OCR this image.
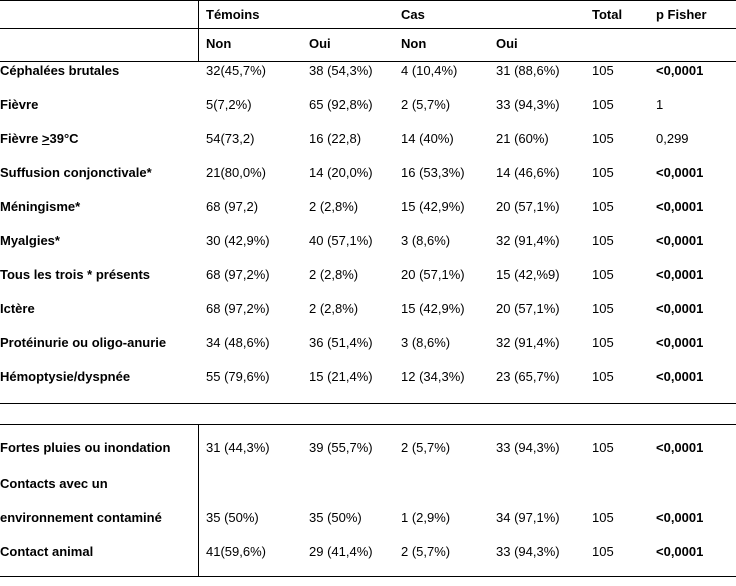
Témoins	Cas	Total	p Fisher
Non	Oui	Non	Oui
Céphalées brutales	32(45,7%)	38 (54,3%) 4 (10,4%)	31 (88,6%) 105	<0,0001
Fièvre	5(7,2%)	65 (92,8%) 2 (5,7%)	33 (94,3%) 105	1
Fièvre ≥39°C	54(73,2)	16 (22,8)	14 (40%)	21 (60%)	105	0,299
Suffusion conjonctivale*	21(80,0%)	14 (20,0%) 16 (53,3%) 14 (46,6%) 105	<0,0001
Méningisme*	68 (97,2)	2 (2,8%)	15 (42,9%) 20 (57,1%) 105	<0,0001
Myalgies*	30 (42,9%)	40 (57,1%) 3 (8,6%)	32 (91,4%) 105	<0,0001
Tous les trois * présents	68 (97,2%)	2 (2,8%)	20 (57,1%) 15 (42,%9) 105	<0,0001
Ictère	68 (97,2%)	2 (2,8%)	15 (42,9%) 20 (57,1%) 105	<0,0001
Protéinurie ou oligo-anurie	34 (48,6%)	36 (51,4%) 3 (8,6%)	32 (91,4%) 105	<0,0001
Hémoptysie/dyspnée	55 (79,6%)	15 (21,4%) 12 (34,3%) 23 (65,7%) 105	<0,0001
Fortes pluies ou inondation	31 (44,3%)	39 (55,7%) 2 (5,7%)	33 (94,3%) 105	<0,0001
Contacts avec un
environnement contaminé	35 (50%)	35 (50%)	1 (2,9%)	34 (97,1%) 105	<0,0001
Contact animal	41(59,6%)	29 (41,4%) 2 (5,7%)	33 (94,3%) 105	<0,0001
